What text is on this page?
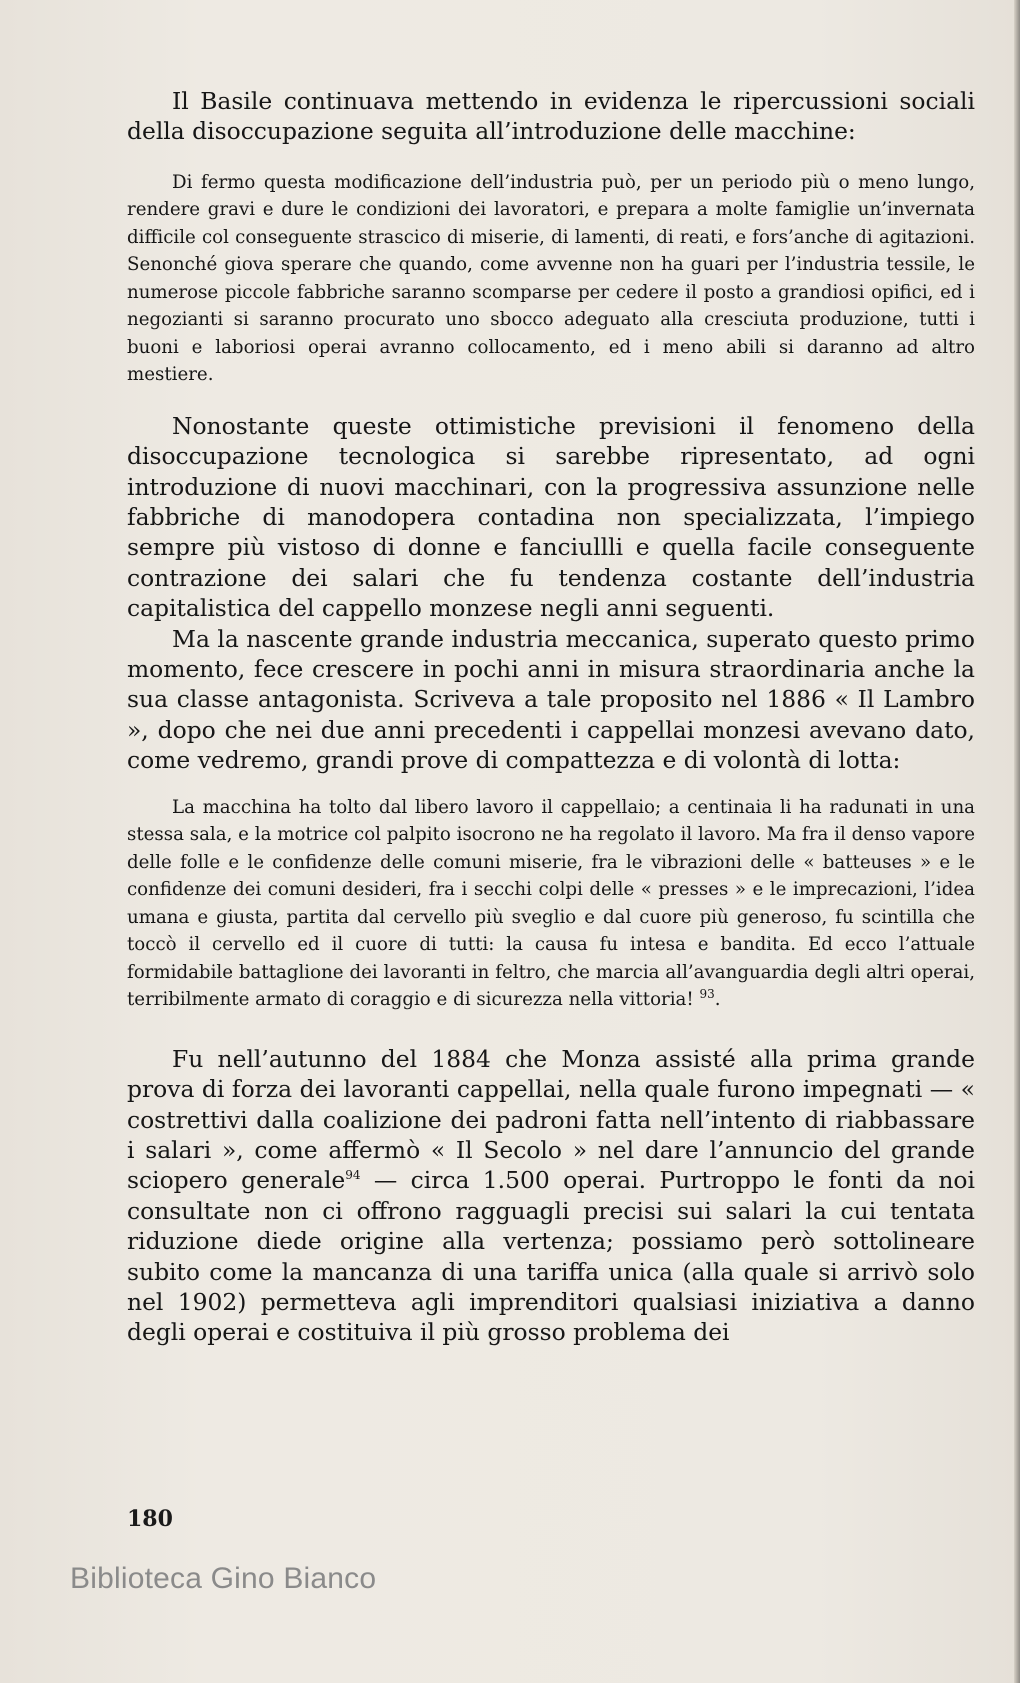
Il Basile continuava mettendo in evidenza le ripercussioni sociali della disoccupazione seguita all’introduzione delle macchine:

Di fermo questa modificazione dell’industria può, per un periodo più o meno lungo, rendere gravi e dure le condizioni dei lavoratori, e prepara a molte famiglie un’invernata difficile col conseguente strascico di miserie, di lamenti, di reati, e fors’anche di agitazioni. Senonché giova sperare che quando, come avvenne non ha guari per l’industria tessile, le numerose piccole fabbriche saranno scomparse per cedere il posto a grandiosi opifici, ed i negozianti si saranno procurato uno sbocco adeguato alla cresciuta produzione, tutti i buoni e laboriosi operai avranno collocamento, ed i meno abili si daranno ad altro mestiere.

Nonostante queste ottimistiche previsioni il fenomeno della disoccupazione tecnologica si sarebbe ripresentato, ad ogni introduzione di nuovi macchinari, con la progressiva assunzione nelle fabbriche di manodopera contadina non specializzata, l’impiego sempre più vistoso di donne e fanciullli e quella facile conseguente contrazione dei salari che fu tendenza costante dell’industria capitalistica del cappello monzese negli anni seguenti.

Ma la nascente grande industria meccanica, superato questo primo momento, fece crescere in pochi anni in misura straordinaria anche la sua classe antagonista. Scriveva a tale proposito nel 1886 « Il Lambro », dopo che nei due anni precedenti i cappellai monzesi avevano dato, come vedremo, grandi prove di compattezza e di volontà di lotta:

La macchina ha tolto dal libero lavoro il cappellaio; a centinaia li ha radunati in una stessa sala, e la motrice col palpito isocrono ne ha regolato il lavoro. Ma fra il denso vapore delle folle e le confidenze delle comuni miserie, fra le vibrazioni delle « batteuses » e le confidenze dei comuni desideri, fra i secchi colpi delle « presses » e le imprecazioni, l’idea umana e giusta, partita dal cervello più sveglio e dal cuore più generoso, fu scintilla che toccò il cervello ed il cuore di tutti: la causa fu intesa e bandita. Ed ecco l’attuale formidabile battaglione dei lavoranti in feltro, che marcia all’avanguardia degli altri operai, terribilmente armato di coraggio e di sicurezza nella vittoria! $^{93}$.

Fu nell’autunno del 1884 che Monza assisté alla prima grande prova di forza dei lavoranti cappellai, nella quale furono impegnati — « costrettivi dalla coalizione dei padroni fatta nell’intento di riabbassare i salari », come affermò « Il Secolo » nel dare l’annuncio del grande sciopero generale$^{94}$ — circa 1.500 operai. Purtroppo le fonti da noi consultate non ci offrono ragguagli precisi sui salari la cui tentata riduzione diede origine alla vertenza; possiamo però sottolineare subito come la mancanza di una tariffa unica (alla quale si arrivò solo nel 1902) permetteva agli imprenditori qualsiasi iniziativa a danno degli operai e costituiva il più grosso problema dei

180
Biblioteca Gino Bianco
